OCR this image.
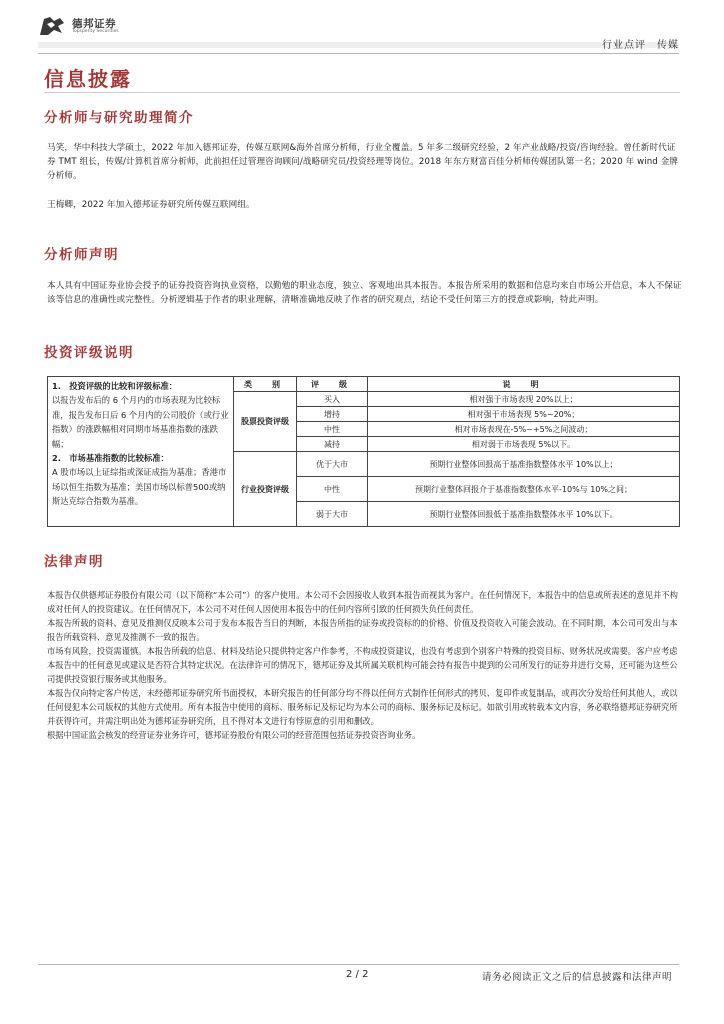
德邦证券
Topsperity Securities
行业点评　传媒
信息披露
分析师与研究助理简介
马笑，华中科技大学硕士，2022 年加入德邦证券，传媒互联网&海外首席分析师，行业全覆盖。5 年多二级研究经验，2 年产业战略/投资/咨询经验。曾任新时代证券 TMT 组长，传媒/计算机首席分析师，此前担任过管理咨询顾问/战略研究员/投资经理等岗位。2018 年东方财富百佳分析师传媒团队第一名；2020 年 wind 金牌分析师。
王梅卿，2022 年加入德邦证券研究所传媒互联网组。
分析师声明
本人具有中国证券业协会授予的证券投资咨询执业资格，以勤勉的职业态度，独立、客观地出具本报告。本报告所采用的数据和信息均来自市场公开信息，本人不保证该等信息的准确性或完整性。分析逻辑基于作者的职业理解，清晰准确地反映了作者的研究观点，结论不受任何第三方的授意或影响，特此声明。
投资评级说明
1.　投资评级的比较和评级标准：
以报告发布后的 6 个月内的市场表现为比较标准，报告发布日后 6 个月内的公司股价（或行业指数）的涨跌幅相对同期市场基准指数的涨跌幅；
2.　市场基准指数的比较标准：
A 股市场以上证综指或深证成指为基准；香港市场以恒生指数为基准；美国市场以标普500或纳斯达克综合指数为基准。	类　别	评　级	说　明
	股票投资评级	买入	相对强于市场表现 20%以上；
		增持	相对强于市场表现 5%~20%；
		中性	相对市场表现在-5%~+5%之间波动；
		减持	相对弱于市场表现 5%以下。
	行业投资评级	优于大市	预期行业整体回报高于基准指数整体水平 10%以上；
		中性	预期行业整体回报介于基准指数整体水平-10%与 10%之间；
		弱于大市	预期行业整体回报低于基准指数整体水平 10%以下。
法律声明

本报告仅供德邦证券股份有限公司（以下简称“本公司”）的客户使用。本公司不会因接收人收到本报告而视其为客户。在任何情况下，本报告中的信息或所表述的意见并不构成对任何人的投资建议。在任何情况下，本公司不对任何人因使用本报告中的任何内容所引致的任何损失负任何责任。

本报告所载的资料、意见及推测仅反映本公司于发布本报告当日的判断，本报告所指的证券或投资标的的价格、价值及投资收入可能会波动。在不同时期，本公司可发出与本报告所载资料、意见及推测不一致的报告。

市场有风险，投资需谨慎。本报告所载的信息、材料及结论只提供特定客户作参考，不构成投资建议，也没有考虑到个别客户特殊的投资目标、财务状况或需要。客户应考虑本报告中的任何意见或建议是否符合其特定状况。在法律许可的情况下，德邦证券及其所属关联机构可能会持有报告中提到的公司所发行的证券并进行交易，还可能为这些公司提供投资银行服务或其他服务。

本报告仅向特定客户传送，未经德邦证券研究所书面授权，本研究报告的任何部分均不得以任何方式制作任何形式的拷贝、复印件或复制品，或再次分发给任何其他人，或以任何侵犯本公司版权的其他方式使用。所有本报告中使用的商标、服务标记及标记均为本公司的商标、服务标记及标记。如欲引用或转载本文内容，务必联络德邦证券研究所并获得许可，并需注明出处为德邦证券研究所，且不得对本文进行有悖原意的引用和删改。

根据中国证监会核发的经营证券业务许可，德邦证券股份有限公司的经营范围包括证券投资咨询业务。

2 / 2	请务必阅读正文之后的信息披露和法律声明
